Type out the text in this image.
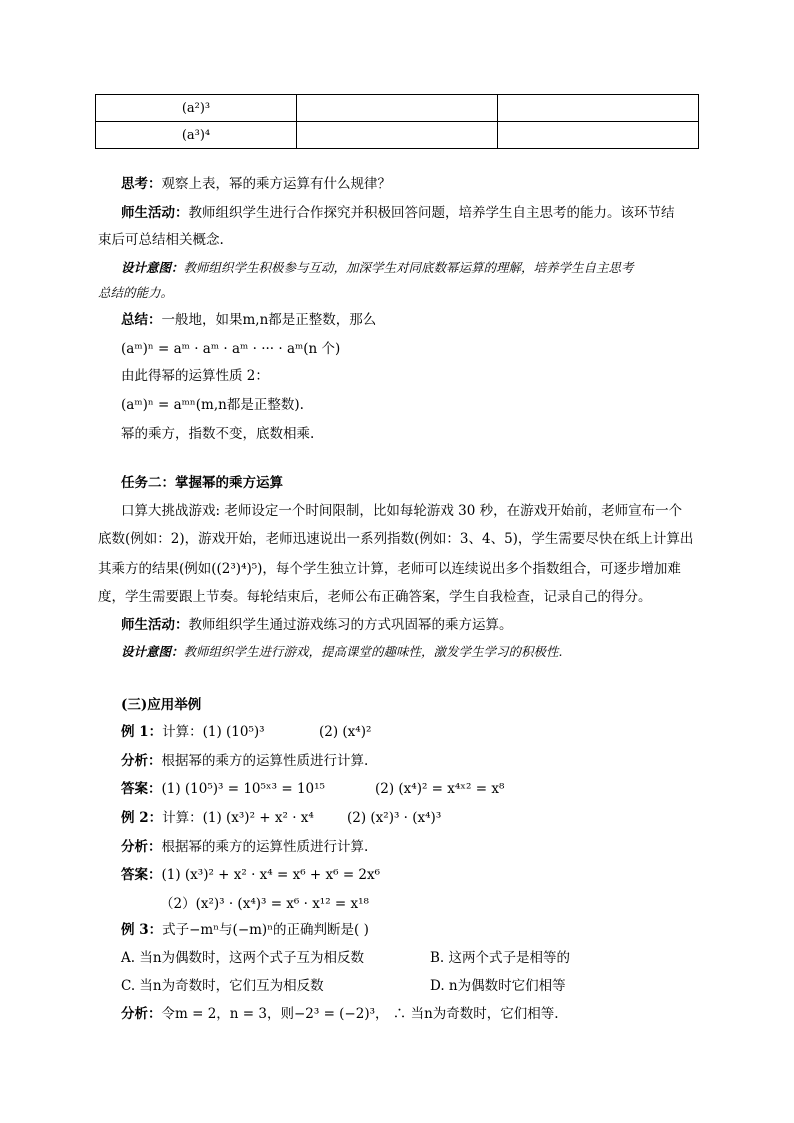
(a²)³		
(a³)⁴		
思考：观察上表，幂的乘方运算有什么规律？
师生活动：教师组织学生进行合作探究并积极回答问题，培养学生自主思考的能力。该环节结
束后可总结相关概念.
设计意图：教师组织学生积极参与互动，加深学生对同底数幂运算的理解，培养学生自主思考
总结的能力。
总结：一般地，如果m,n都是正整数，那么
(aᵐ)ⁿ = aᵐ · aᵐ · aᵐ · ··· · aᵐ(n 个)
由此得幂的运算性质 2：
(aᵐ)ⁿ = aᵐⁿ(m,n都是正整数).
幂的乘方，指数不变，底数相乘.
任务二：掌握幂的乘方运算
口算大挑战游戏: 老师设定一个时间限制，比如每轮游戏 30 秒，在游戏开始前，老师宣布一个
底数(例如：2)，游戏开始，老师迅速说出一系列指数(例如：3、4、5)，学生需要尽快在纸上计算出
其乘方的结果(例如((2³)⁴)⁵)，每个学生独立计算，老师可以连续说出多个指数组合，可逐步增加难
度，学生需要跟上节奏。每轮结束后，老师公布正确答案，学生自我检查，记录自己的得分。
师生活动：教师组织学生通过游戏练习的方式巩固幂的乘方运算。
设计意图：教师组织学生进行游戏，提高课堂的趣味性，激发学生学习的积极性.
(三)应用举例
例 1：计算：(1) (10⁵)³	(2) (x⁴)²
分析：根据幂的乘方的运算性质进行计算.
答案：(1) (10⁵)³ = 10⁵ˣ³ = 10¹⁵	(2) (x⁴)² = x⁴ˣ² = x⁸
例 2：计算：(1) (x³)² + x² · x⁴ (2) (x²)³ · (x⁴)³
分析：根据幂的乘方的运算性质进行计算.
答案：(1) (x³)² + x² · x⁴ = x⁶ + x⁶ = 2x⁶
（2）(x²)³ · (x⁴)³ = x⁶ · x¹² = x¹⁸
例 3：式子−mⁿ与(−m)ⁿ的正确判断是( )
A. 当n为偶数时，这两个式子互为相反数	B. 这两个式子是相等的
C. 当n为奇数时，它们互为相反数	D. n为偶数时它们相等
分析：令m = 2，n = 3，则−2³ = (−2)³， ∴ 当n为奇数时，它们相等.
